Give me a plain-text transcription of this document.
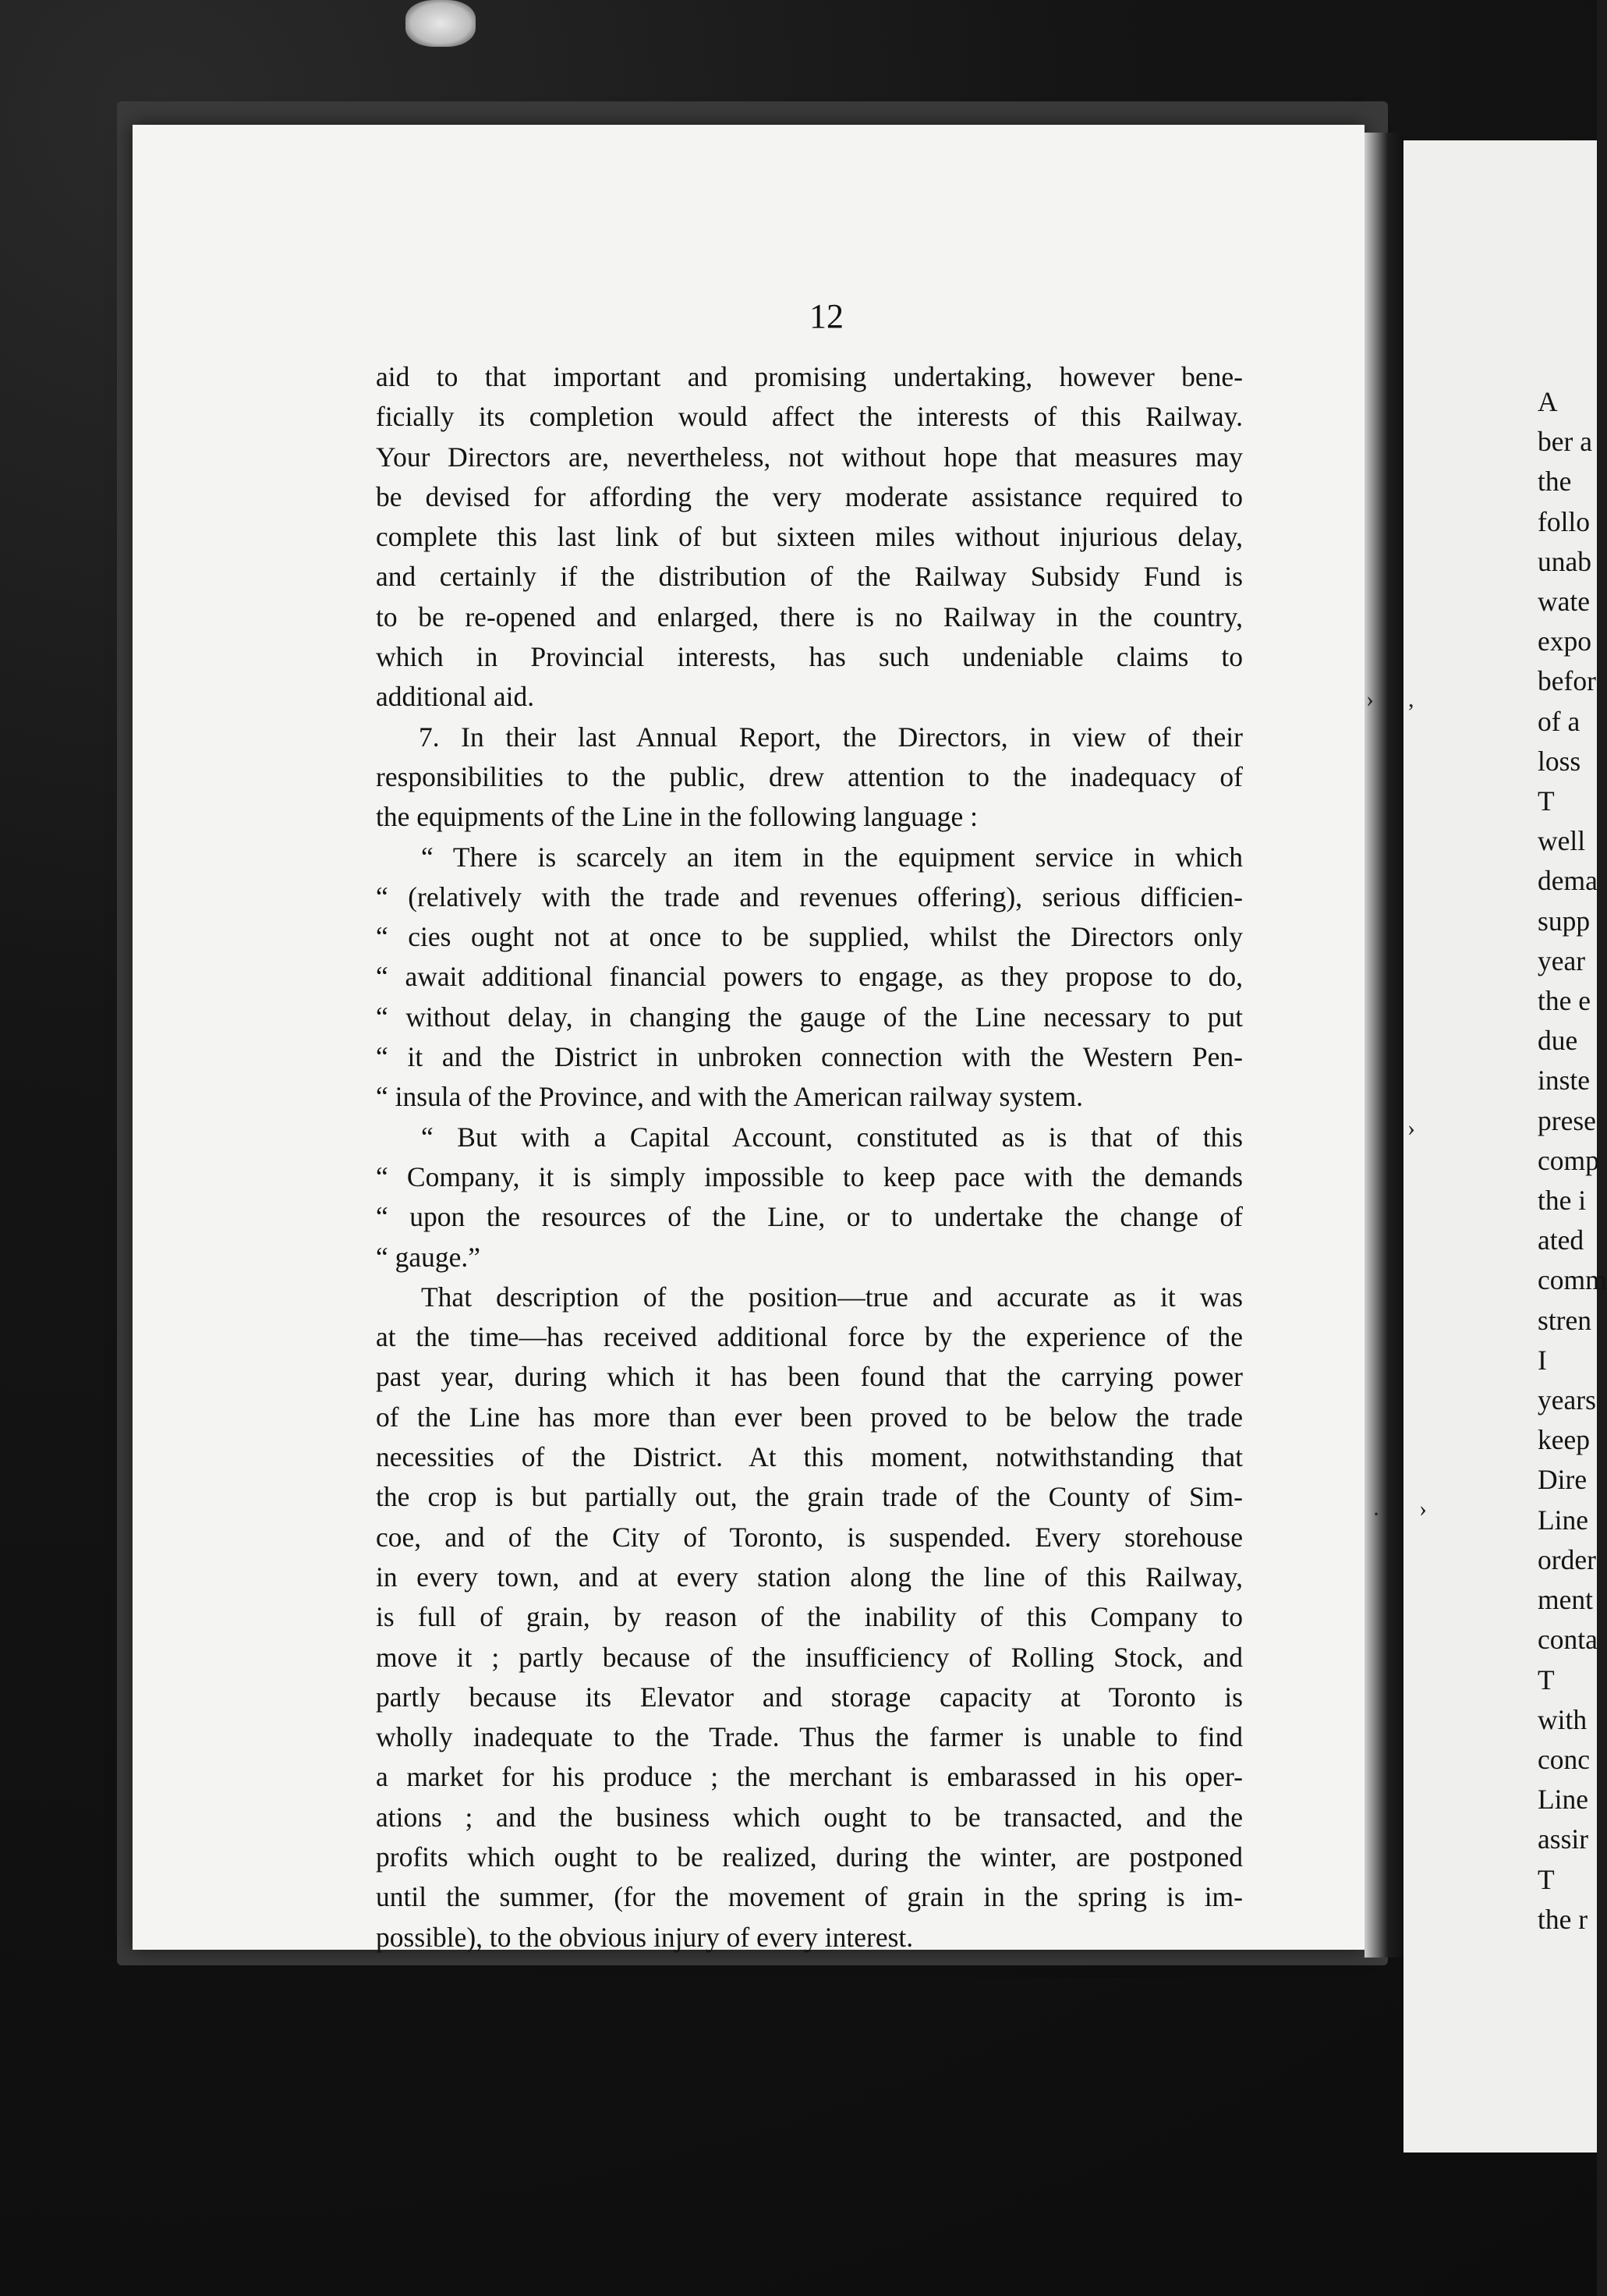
12
aid to that important and promising undertaking, however bene-
ficially its completion would affect the interests of this Railway.
Your Directors are, nevertheless, not without hope that measures may
be devised for affording the very moderate assistance required to
complete this last link of but sixteen miles without injurious delay,
and certainly if the distribution of the Railway Subsidy Fund is
to be re-opened and enlarged, there is no Railway in the country,
which in Provincial interests, has such undeniable claims to
additional aid.
7. In their last Annual Report, the Directors, in view of their
responsibilities to the public, drew attention to the inadequacy of
the equipments of the Line in the following language :
“ There is scarcely an item in the equipment service in which
“ (relatively with the trade and revenues offering), serious difficien-
“ cies ought not at once to be supplied, whilst the Directors only
“ await additional financial powers to engage, as they propose to do,
“ without delay, in changing the gauge of the Line necessary to put
“ it and the District in unbroken connection with the Western Pen-
“ insula of the Province, and with the American railway system.
“ But with a Capital Account, constituted as is that of this
“ Company, it is simply impossible to keep pace with the demands
“ upon the resources of the Line, or to undertake the change of
“ gauge.”
That description of the position—true and accurate as it was
at the time—has received additional force by the experience of the
past year, during which it has been found that the carrying power
of the Line has more than ever been proved to be below the trade
necessities of the District. At this moment, notwithstanding that
the crop is but partially out, the grain trade of the County of Sim-
coe, and of the City of Toronto, is suspended. Every storehouse
in every town, and at every station along the line of this Railway,
is full of grain, by reason of the inability of this Company to
move it ; partly because of the insufficiency of Rolling Stock, and
partly because its Elevator and storage capacity at Toronto is
wholly inadequate to the Trade. Thus the farmer is unable to find
a market for his produce ; the merchant is embarassed in his oper-
ations ; and the business which ought to be transacted, and the
profits which ought to be realized, during the winter, are postponed
until the summer, (for the movement of grain in the spring is im-
possible), to the obvious injury of every interest.
A
ber a
the
follo
unab
wate
expo
befor
of a
loss
T
well
dema
supp
year
the e
due
inste
prese
comp
the i
ated
comm
stren
I
years
keep
Dire
Line
order
ment
conta
T
with
conc
Line
assir
T
the r
› ,
›
· ›
